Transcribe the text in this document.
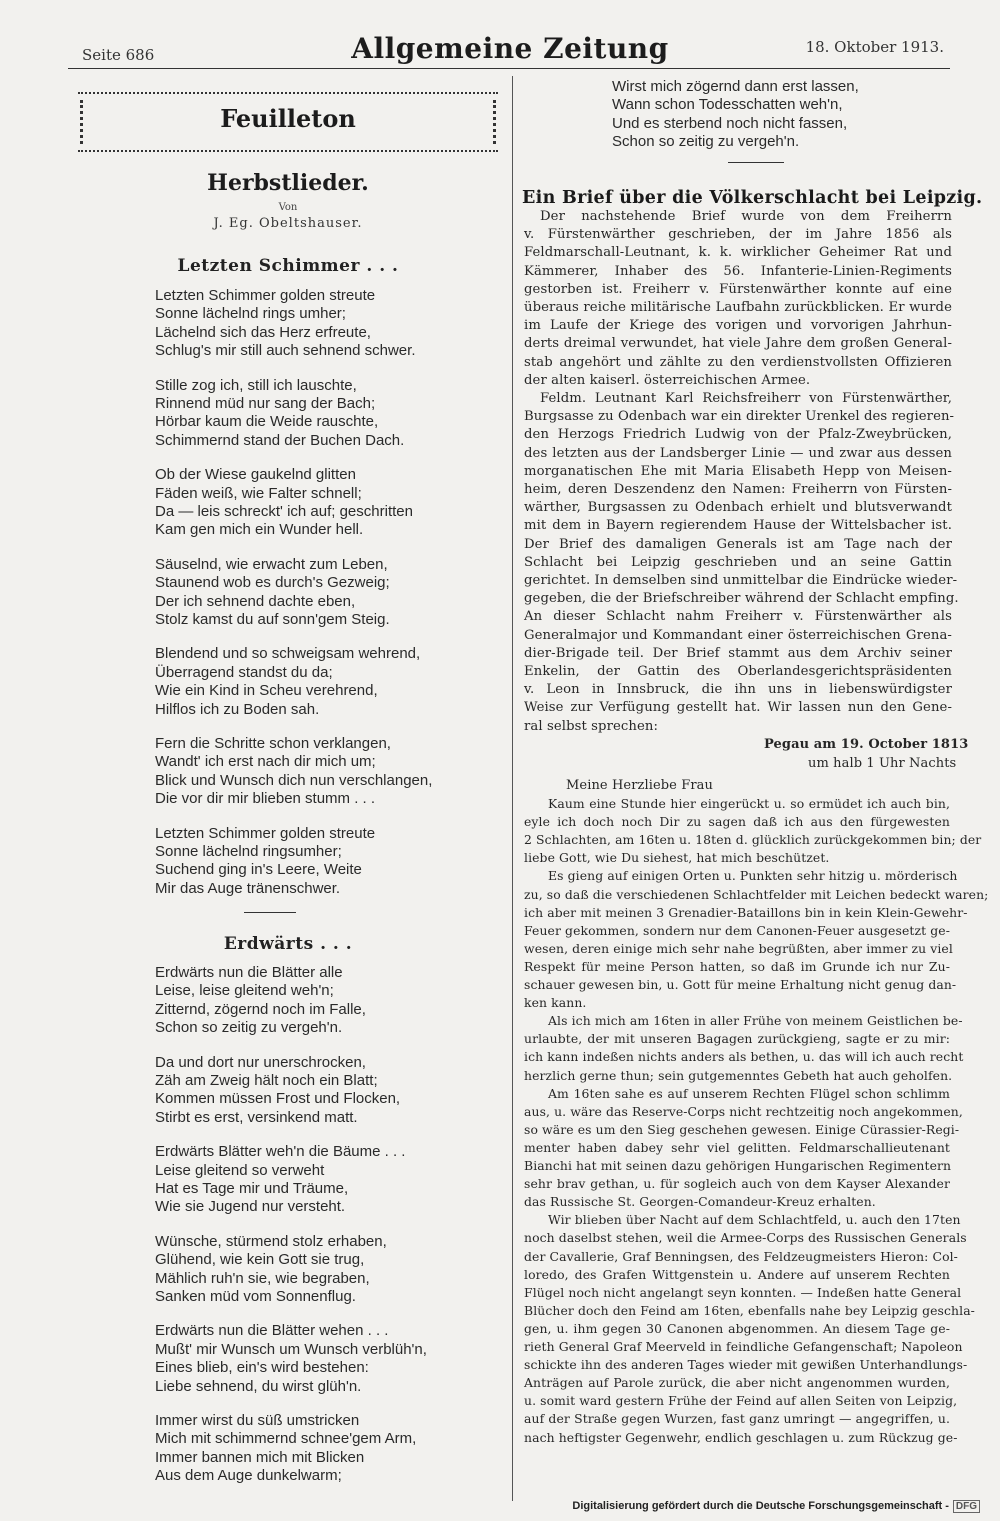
Seite 686	Allgemeine Zeitung	18. Oktober 1913.
Feuilleton
Herbstlieder.
Von
J. Eg. Obeltshauser.
Letzten Schimmer . . .
Letzten Schimmer golden streute
Sonne lächelnd rings umher;
Lächelnd sich das Herz erfreute,
Schlug's mir still auch sehnend schwer.
Stille zog ich, still ich lauschte,
Rinnend müd nur sang der Bach;
Hörbar kaum die Weide rauschte,
Schimmernd stand der Buchen Dach.
Ob der Wiese gaukelnd glitten
Fäden weiß, wie Falter schnell;
Da — leis schreckt' ich auf; geschritten
Kam gen mich ein Wunder hell.
Säuselnd, wie erwacht zum Leben,
Staunend wob es durch's Gezweig;
Der ich sehnend dachte eben,
Stolz kamst du auf sonn'gem Steig.
Blendend und so schweigsam wehrend,
Überragend standst du da;
Wie ein Kind in Scheu verehrend,
Hilflos ich zu Boden sah.
Fern die Schritte schon verklangen,
Wandt' ich erst nach dir mich um;
Blick und Wunsch dich nun verschlangen,
Die vor dir mir blieben stumm . . .
Letzten Schimmer golden streute
Sonne lächelnd ringsumher;
Suchend ging in's Leere, Weite
Mir das Auge tränenschwer.
Erdwärts . . .
Erdwärts nun die Blätter alle
Leise, leise gleitend weh'n;
Zitternd, zögernd noch im Falle,
Schon so zeitig zu vergeh'n.
Da und dort nur unerschrocken,
Zäh am Zweig hält noch ein Blatt;
Kommen müssen Frost und Flocken,
Stirbt es erst, versinkend matt.
Erdwärts Blätter weh'n die Bäume . . .
Leise gleitend so verweht
Hat es Tage mir und Träume,
Wie sie Jugend nur versteht.
Wünsche, stürmend stolz erhaben,
Glühend, wie kein Gott sie trug,
Mählich ruh'n sie, wie begraben,
Sanken müd vom Sonnenflug.
Erdwärts nun die Blätter wehen . . .
Mußt' mir Wunsch um Wunsch verblüh'n,
Eines blieb, ein's wird bestehen:
Liebe sehnend, du wirst glüh'n.
Immer wirst du süß umstricken
Mich mit schimmernd schnee'gem Arm,
Immer bannen mich mit Blicken
Aus dem Auge dunkelwarm;
Wirst mich zögernd dann erst lassen,
Wann schon Todesschatten weh'n,
Und es sterbend noch nicht fassen,
Schon so zeitig zu vergeh'n.
Ein Brief über die Völkerschlacht bei Leipzig.
Der nachstehende Brief wurde von dem Freiherrn
v. Fürstenwärther geschrieben, der im Jahre 1856 als
Feldmarschall-Leutnant, k. k. wirklicher Geheimer Rat und
Kämmerer, Inhaber des 56. Infanterie-Linien-Regiments
gestorben ist. Freiherr v. Fürstenwärther konnte auf eine
überaus reiche militärische Laufbahn zurückblicken. Er wurde
im Laufe der Kriege des vorigen und vorvorigen Jahrhun-
derts dreimal verwundet, hat viele Jahre dem großen General-
stab angehört und zählte zu den verdienstvollsten Offizieren
der alten kaiserl. österreichischen Armee.
Feldm. Leutnant Karl Reichsfreiherr von Fürstenwärther,
Burgsasse zu Odenbach war ein direkter Urenkel des regieren-
den Herzogs Friedrich Ludwig von der Pfalz-Zweybrücken,
des letzten aus der Landsberger Linie — und zwar aus dessen
morganatischen Ehe mit Maria Elisabeth Hepp von Meisen-
heim, deren Deszendenz den Namen: Freiherrn von Fürsten-
wärther, Burgsassen zu Odenbach erhielt und blutsverwandt
mit dem in Bayern regierendem Hause der Wittelsbacher ist.
Der Brief des damaligen Generals ist am Tage nach der
Schlacht bei Leipzig geschrieben und an seine Gattin
gerichtet. In demselben sind unmittelbar die Eindrücke wieder-
gegeben, die der Briefschreiber während der Schlacht empfing.
An dieser Schlacht nahm Freiherr v. Fürstenwärther als
Generalmajor und Kommandant einer österreichischen Grena-
dier-Brigade teil. Der Brief stammt aus dem Archiv seiner
Enkelin, der Gattin des Oberlandesgerichtspräsidenten
v. Leon in Innsbruck, die ihn uns in liebenswürdigster
Weise zur Verfügung gestellt hat. Wir lassen nun den Gene-
ral selbst sprechen:
Pegau am 19. October 1813
um halb 1 Uhr Nachts
Meine Herzliebe Frau
Kaum eine Stunde hier eingerückt u. so ermüdet ich auch bin,
eyle ich doch noch Dir zu sagen daß ich aus den fürgewesten
2 Schlachten, am 16ten u. 18ten d. glücklich zurückgekommen bin; der
liebe Gott, wie Du siehest, hat mich beschützet.
Es gieng auf einigen Orten u. Punkten sehr hitzig u. mörderisch
zu, so daß die verschiedenen Schlachtfelder mit Leichen bedeckt waren;
ich aber mit meinen 3 Grenadier-Bataillons bin in kein Klein-Gewehr-
Feuer gekommen, sondern nur dem Canonen-Feuer ausgesetzt ge-
wesen, deren einige mich sehr nahe begrüßten, aber immer zu viel
Respekt für meine Person hatten, so daß im Grunde ich nur Zu-
schauer gewesen bin, u. Gott für meine Erhaltung nicht genug dan-
ken kann.
Als ich mich am 16ten in aller Frühe von meinem Geistlichen be-
urlaubte, der mit unseren Bagagen zurückgieng, sagte er zu mir:
ich kann indeßen nichts anders als bethen, u. das will ich auch recht
herzlich gerne thun; sein gutgemenntes Gebeth hat auch geholfen.
Am 16ten sahe es auf unserem Rechten Flügel schon schlimm
aus, u. wäre das Reserve-Corps nicht rechtzeitig noch angekommen,
so wäre es um den Sieg geschehen gewesen. Einige Cürassier-Regi-
menter haben dabey sehr viel gelitten. Feldmarschallieutenant
Bianchi hat mit seinen dazu gehörigen Hungarischen Regimentern
sehr brav gethan, u. für sogleich auch von dem Kayser Alexander
das Russische St. Georgen-Comandeur-Kreuz erhalten.
Wir blieben über Nacht auf dem Schlachtfeld, u. auch den 17ten
noch daselbst stehen, weil die Armee-Corps des Russischen Generals
der Cavallerie, Graf Benningsen, des Feldzeugmeisters Hieron: Col-
loredo, des Grafen Wittgenstein u. Andere auf unserem Rechten
Flügel noch nicht angelangt seyn konnten. — Indeßen hatte General
Blücher doch den Feind am 16ten, ebenfalls nahe bey Leipzig geschla-
gen, u. ihm gegen 30 Canonen abgenommen. An diesem Tage ge-
rieth General Graf Meerveld in feindliche Gefangenschaft; Napoleon
schickte ihn des anderen Tages wieder mit gewißen Unterhandlungs-
Anträgen auf Parole zurück, die aber nicht angenommen wurden,
u. somit ward gestern Frühe der Feind auf allen Seiten von Leipzig,
auf der Straße gegen Wurzen, fast ganz umringt — angegriffen, u.
nach heftigster Gegenwehr, endlich geschlagen u. zum Rückzug ge-
Digitalisierung gefördert durch die Deutsche Forschungsgemeinschaft - DFG
